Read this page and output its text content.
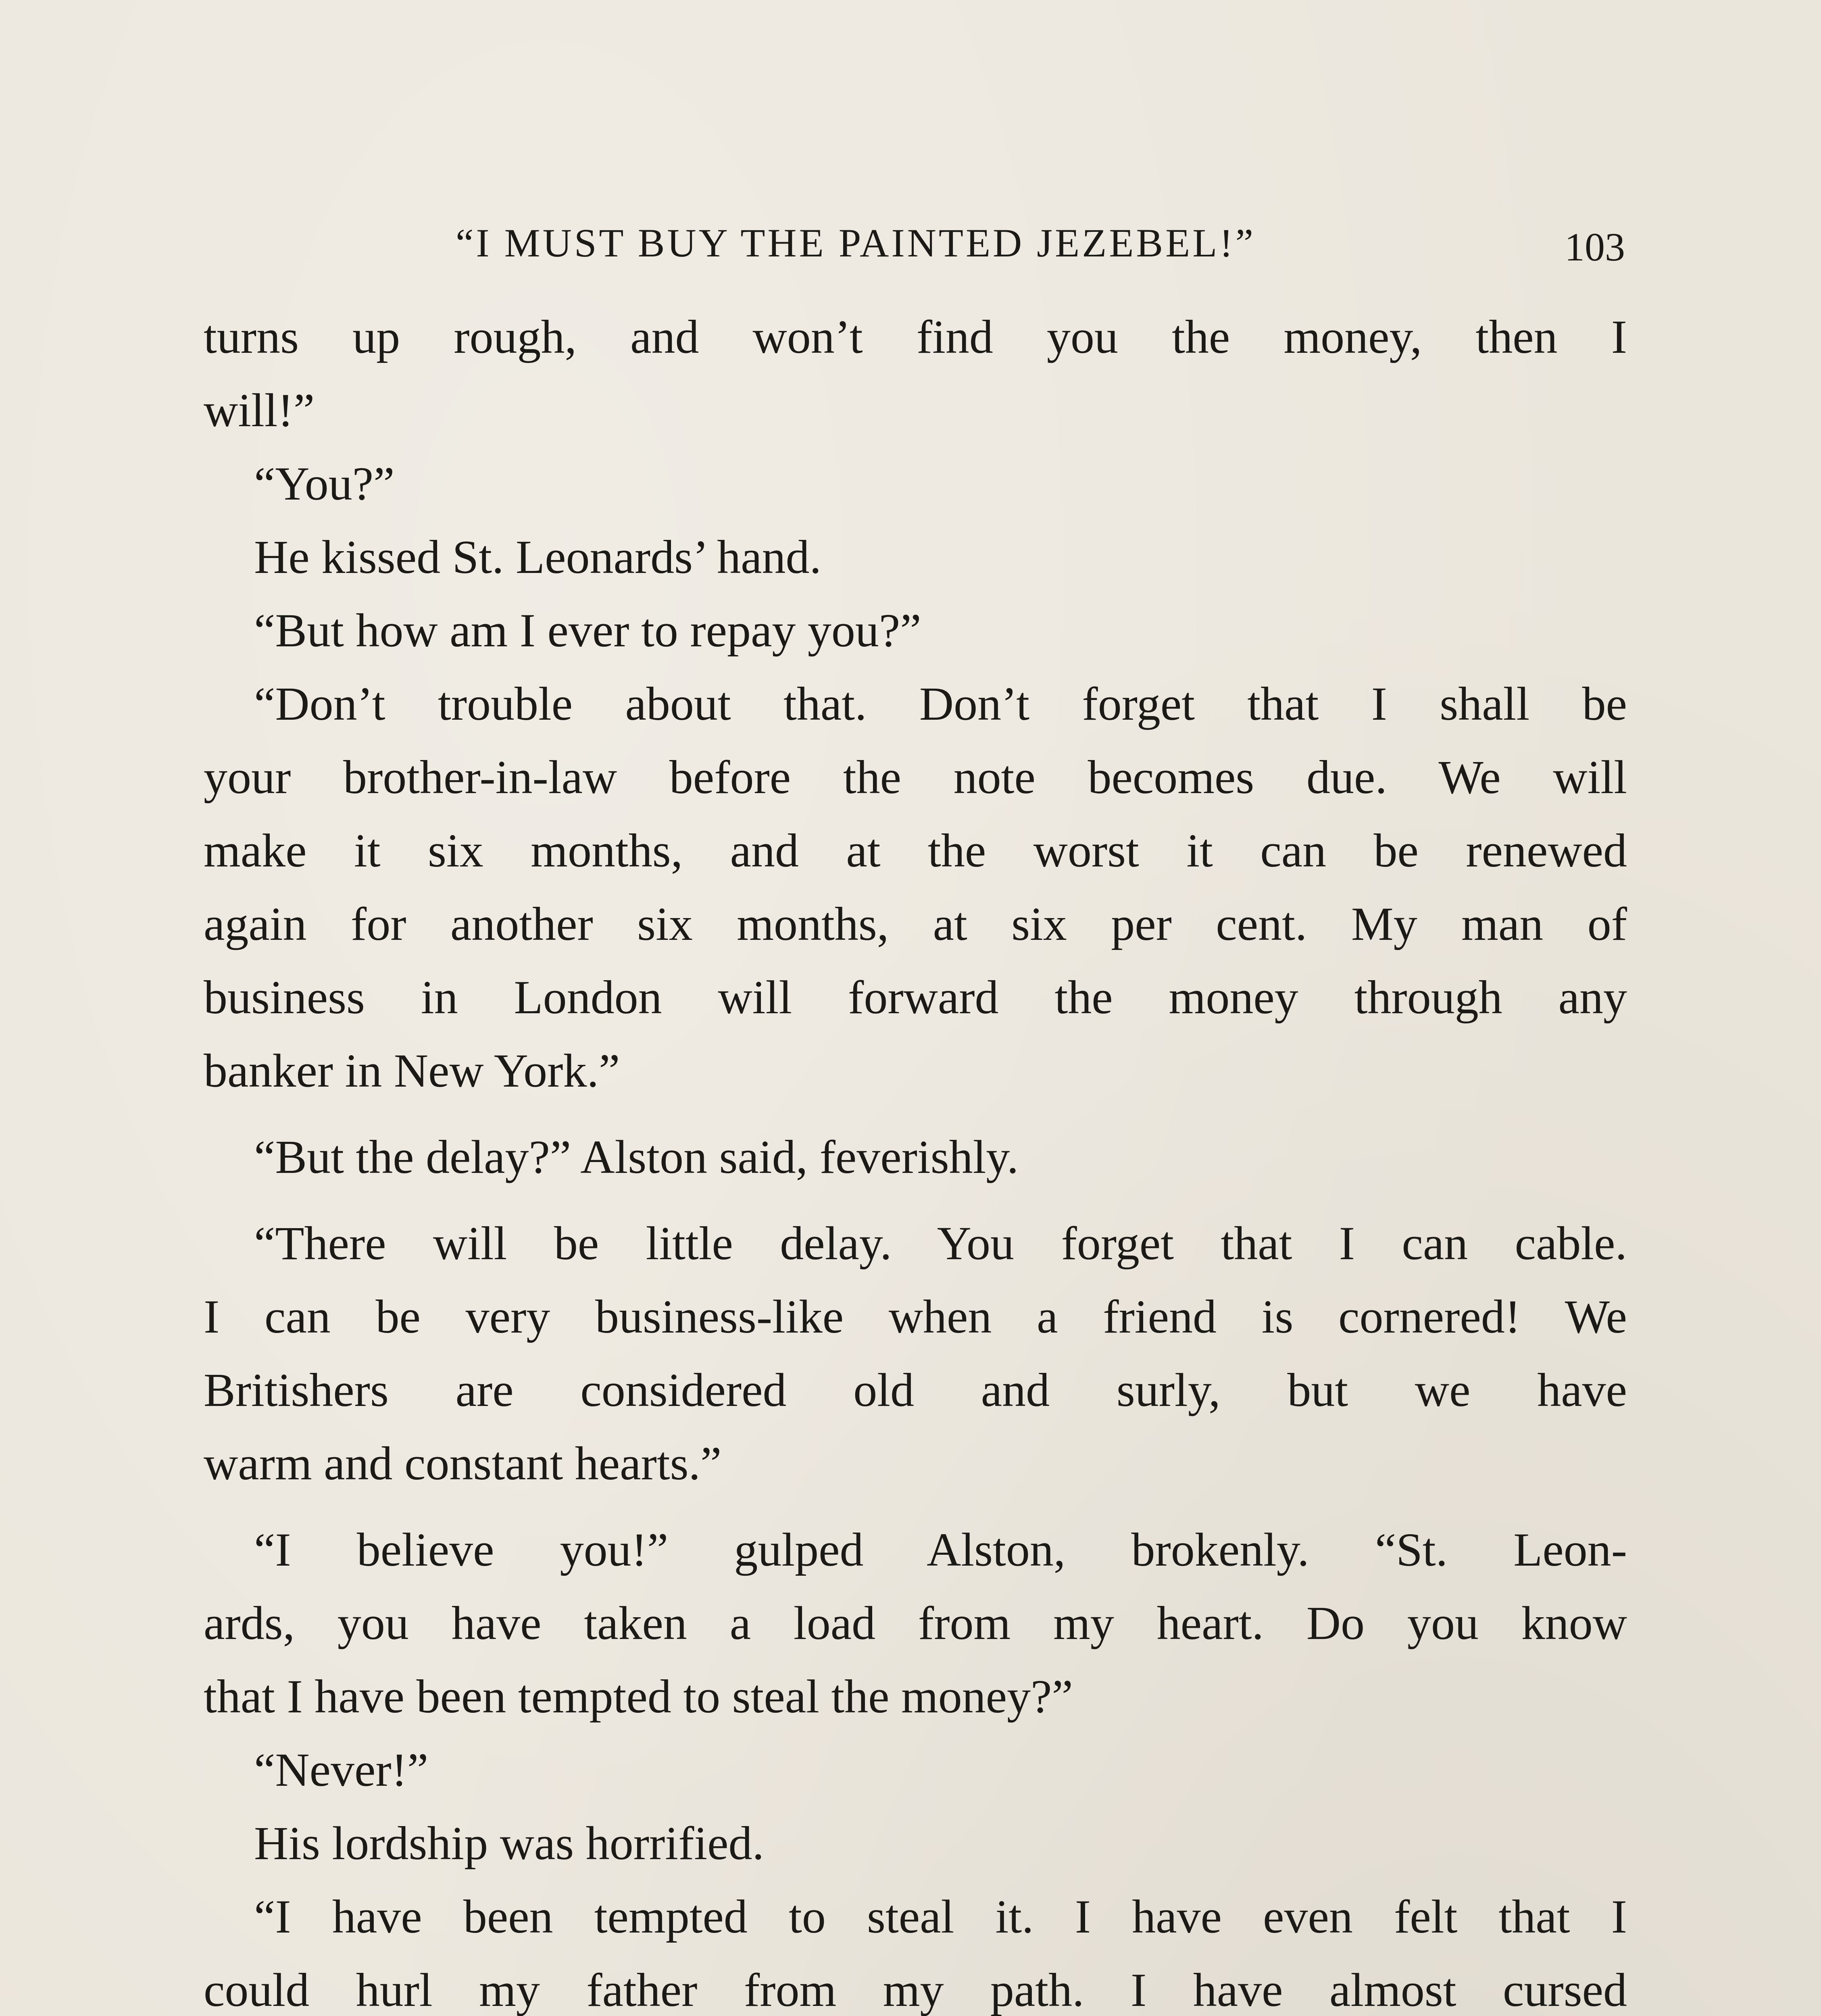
“I MUST BUY THE PAINTED JEZEBEL!”	103
turns up rough, and won’t find you the money, then I
will!”
“You?”
He kissed St. Leonards’ hand.
“But how am I ever to repay you?”
“Don’t trouble about that. Don’t forget that I shall be
your brother-in-law before the note becomes due. We will
make it six months, and at the worst it can be renewed
again for another six months, at six per cent. My man of
business in London will forward the money through any
banker in New York.”
“But the delay?” Alston said, feverishly.
“There will be little delay. You forget that I can cable.
I can be very business-like when a friend is cornered! We
Britishers are considered old and surly, but we have
warm and constant hearts.”
“I believe you!” gulped Alston, brokenly. “St. Leon-
ards, you have taken a load from my heart. Do you know
that I have been tempted to steal the money?”
“Never!”
His lordship was horrified.
“I have been tempted to steal it. I have even felt that I
could hurl my father from my path. I have almost cursed
